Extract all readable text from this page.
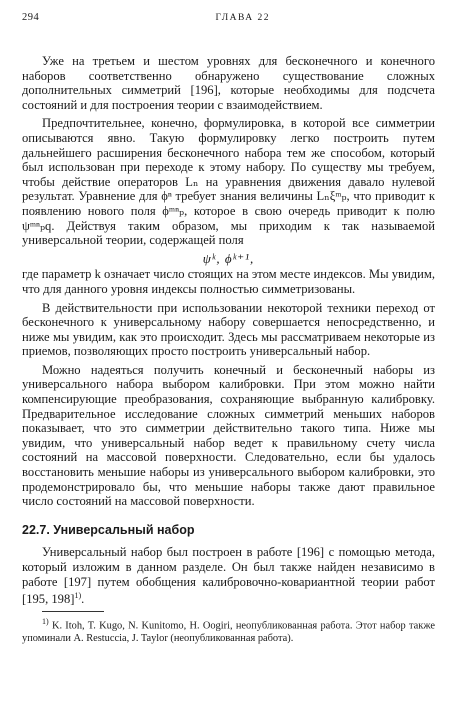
294	ГЛАВА 22

Уже на третьем и шестом уровнях для бесконечного и конечного наборов соответственно обнаружено существование сложных дополнительных симметрий [196], которые необходимы для подсчета состояний и для построения теории с взаимодействием.

Предпочтительнее, конечно, формулировка, в которой все симметрии описываются явно. Такую формулировку легко построить путем дальнейшего расширения бесконечного набора тем же способом, который был использован при переходе к этому набору. По существу мы требуем, чтобы действие операторов Lₙ на уравнения движения давало нулевой результат. Уравнение для ϕⁿ требует знания величины Lₙξᵐₚ, что приводит к появлению нового поля ϕᵐⁿₚ, которое в свою очередь приводит к полю ψᵐⁿₚq. Действуя таким образом, мы приходим к так называемой универсальной теории, содержащей поля

ψᵏ, ϕᵏ⁺¹,

где параметр k означает число стоящих на этом месте индексов. Мы увидим, что для данного уровня индексы полностью симметризованы.

В действительности при использовании некоторой техники переход от бесконечного к универсальному набору совершается непосредственно, и ниже мы увидим, как это происходит. Здесь мы рассматриваем некоторые из приемов, позволяющих просто построить универсальный набор.

Можно надеяться получить конечный и бесконечный наборы из универсального набора выбором калибровки. При этом можно найти компенсирующие преобразования, сохраняющие выбранную калибровку. Предварительное исследование сложных симметрий меньших наборов показывает, что это симметрии действительно такого типа. Ниже мы увидим, что универсальный набор ведет к правильному счету числа состояний на массовой поверхности. Следовательно, если бы удалось восстановить меньшие наборы из универсального выбором калибровки, это продемонстрировало бы, что меньшие наборы также дают правильное число состояний на массовой поверхности.

22.7. Универсальный набор

Универсальный набор был построен в работе [196] с помощью метода, который изложим в данном разделе. Он был также найден независимо в работе [197] путем обобщения калибровочно-ковариантной теории работ [195, 198]$^{1)}$.

$^{1)}$ K. Itoh, T. Kugo, N. Kunitomo, H. Oogiri, неопубликованная работа. Этот набор также упоминали A. Restuccia, J. Taylor (неопубликованная работа).
